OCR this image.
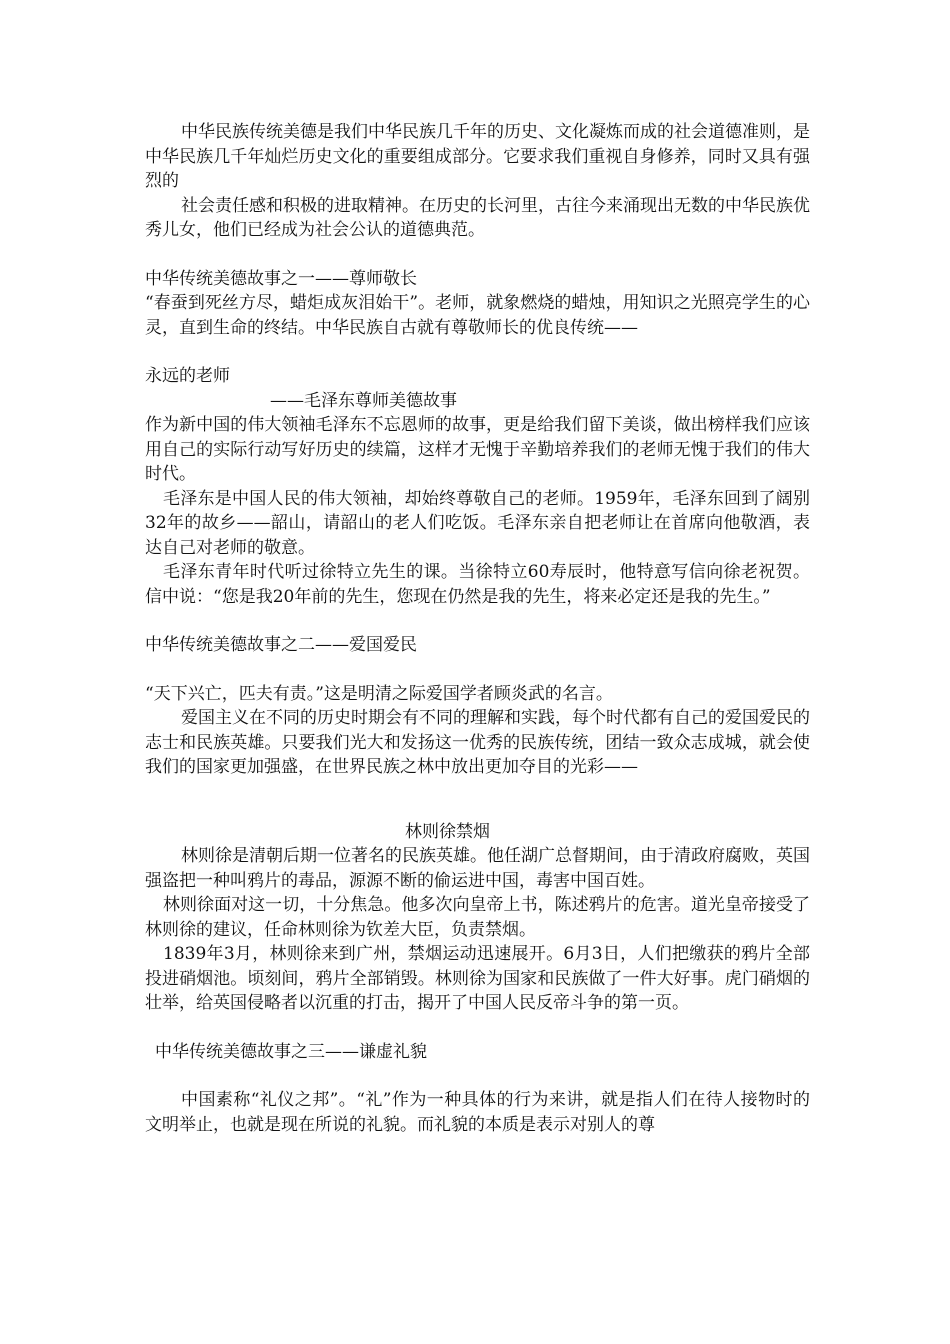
中华民族传统美德是我们中华民族几千年的历史、文化凝炼而成的社会道德准则，是中华民族几千年灿烂历史文化的重要组成部分。它要求我们重视自身修养，同时又具有强烈的

社会责任感和积极的进取精神。在历史的长河里，古往今来涌现出无数的中华民族优秀儿女，他们已经成为社会公认的道德典范。

中华传统美德故事之一——尊师敬长

“春蚕到死丝方尽，蜡炬成灰泪始干”。老师，就象燃烧的蜡烛，用知识之光照亮学生的心灵，直到生命的终结。中华民族自古就有尊敬师长的优良传统——

永远的老师

——毛泽东尊师美德故事

作为新中国的伟大领袖毛泽东不忘恩师的故事，更是给我们留下美谈，做出榜样我们应该用自己的实际行动写好历史的续篇，这样才无愧于辛勤培养我们的老师无愧于我们的伟大时代。

毛泽东是中国人民的伟大领袖，却始终尊敬自己的老师。1959年，毛泽东回到了阔别32年的故乡——韶山，请韶山的老人们吃饭。毛泽东亲自把老师让在首席向他敬酒，表达自己对老师的敬意。

毛泽东青年时代听过徐特立先生的课。当徐特立60寿辰时，他特意写信向徐老祝贺。信中说：“您是我20年前的先生，您现在仍然是我的先生，将来必定还是我的先生。”

中华传统美德故事之二——爱国爱民

“天下兴亡，匹夫有责。”这是明清之际爱国学者顾炎武的名言。

爱国主义在不同的历史时期会有不同的理解和实践，每个时代都有自己的爱国爱民的志士和民族英雄。只要我们光大和发扬这一优秀的民族传统，团结一致众志成城，就会使我们的国家更加强盛，在世界民族之林中放出更加夺目的光彩——

林则徐禁烟

林则徐是清朝后期一位著名的民族英雄。他任湖广总督期间，由于清政府腐败，英国强盗把一种叫鸦片的毒品，源源不断的偷运进中国，毒害中国百姓。

林则徐面对这一切，十分焦急。他多次向皇帝上书，陈述鸦片的危害。道光皇帝接受了林则徐的建议，任命林则徐为钦差大臣，负责禁烟。

1839年3月，林则徐来到广州，禁烟运动迅速展开。6月3日，人们把缴获的鸦片全部投进硝烟池。顷刻间，鸦片全部销毁。林则徐为国家和民族做了一件大好事。虎门硝烟的壮举，给英国侵略者以沉重的打击，揭开了中国人民反帝斗争的第一页。

中华传统美德故事之三——谦虚礼貌

中国素称“礼仪之邦”。“礼”作为一种具体的行为来讲，就是指人们在待人接物时的文明举止，也就是现在所说的礼貌。而礼貌的本质是表示对别人的尊
